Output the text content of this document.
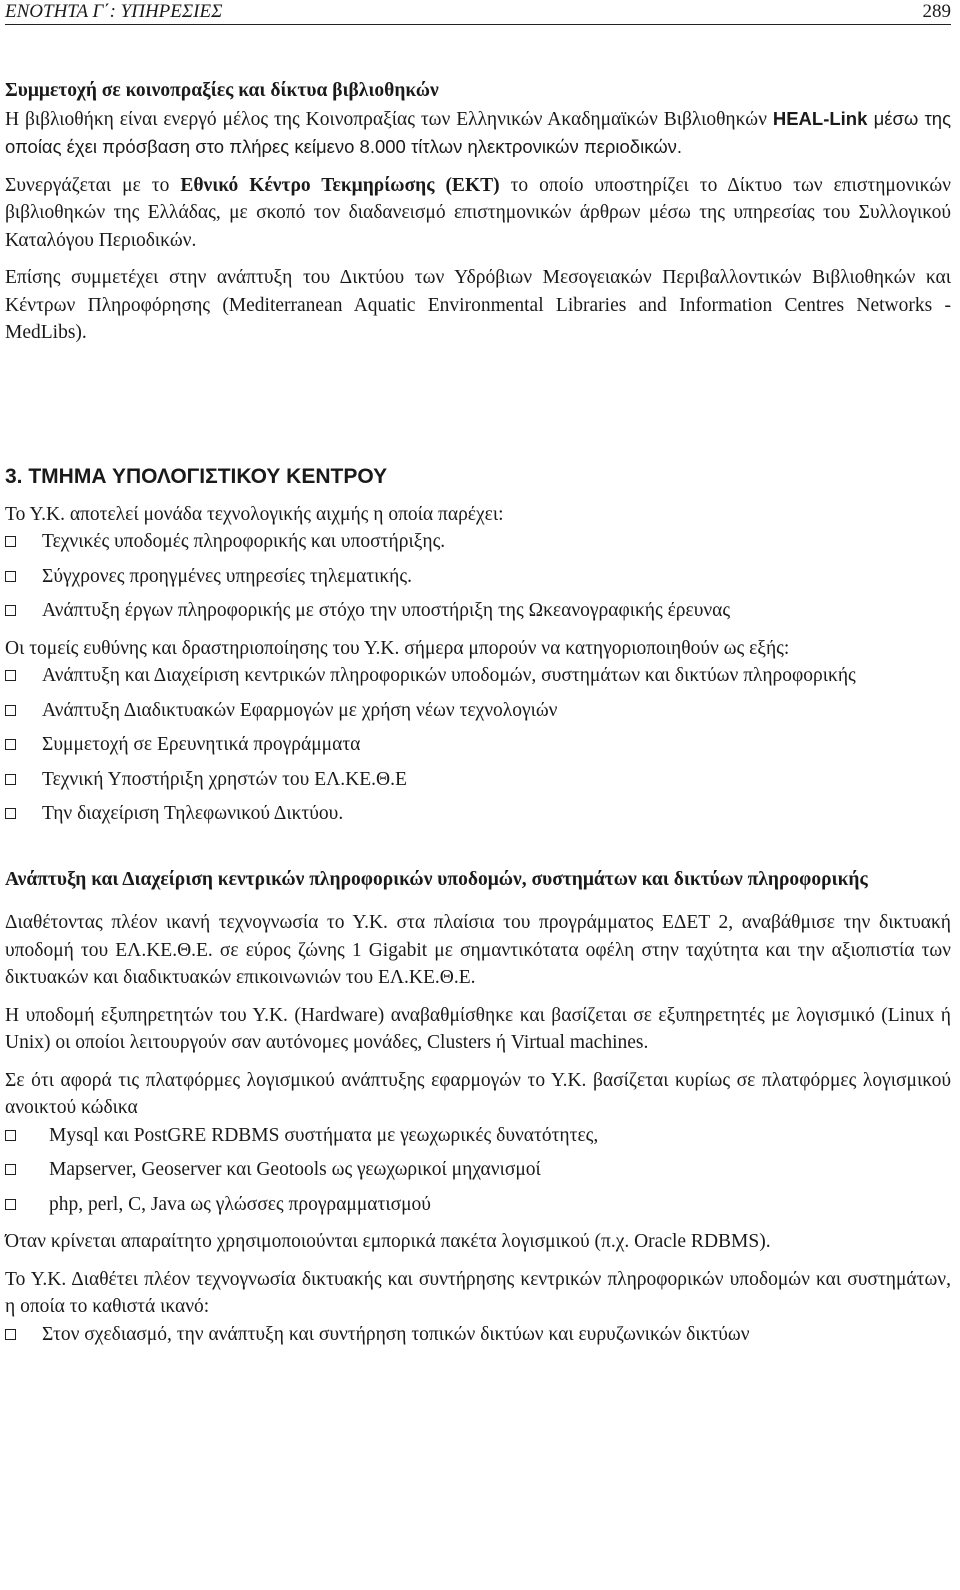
ΕΝΟΤΗΤΑ Γ΄: ΥΠΗΡΕΣΙΕΣ	289
Συμμετοχή σε κοινοπραξίες και δίκτυα βιβλιοθηκών

Η βιβλιοθήκη είναι ενεργό μέλος της Κοινοπραξίας των Ελληνικών Ακαδημαϊκών Βιβλιοθηκών HEAL-Link μέσω της οποίας έχει πρόσβαση στο πλήρες κείμενο 8.000 τίτλων ηλεκτρονικών περιοδικών.

Συνεργάζεται με το Εθνικό Κέντρο Τεκμηρίωσης (ΕΚΤ) το οποίο υποστηρίζει το Δίκτυο των επιστημονικών βιβλιοθηκών της Ελλάδας, με σκοπό τον διαδανεισμό επιστημονικών άρθρων μέσω της υπηρεσίας του Συλλογικού Καταλόγου Περιοδικών.

Επίσης συμμετέχει στην ανάπτυξη του Δικτύου των Υδρόβιων Μεσογειακών Περιβαλλοντικών Βιβλιοθηκών και Κέντρων Πληροφόρησης (Mediterranean Aquatic Environmental Libraries and Information Centres Networks - MedLibs).

3. ΤΜΗΜΑ ΥΠΟΛΟΓΙΣΤΙΚΟΥ ΚΕΝΤΡΟΥ

Το Υ.Κ. αποτελεί μονάδα τεχνολογικής αιχμής η οποία παρέχει:

Τεχνικές υποδομές πληροφορικής και υποστήριξης.
Σύγχρονες προηγμένες υπηρεσίες τηλεματικής.
Ανάπτυξη έργων πληροφορικής με στόχο την υποστήριξη της Ωκεανογραφικής έρευνας

Οι τομείς ευθύνης και δραστηριοποίησης του Υ.Κ. σήμερα μπορούν να κατηγοριοποιηθούν ως εξής:

Ανάπτυξη και Διαχείριση κεντρικών πληροφορικών υποδομών, συστημάτων και δικτύων πληροφορικής
Ανάπτυξη Διαδικτυακών Εφαρμογών με χρήση νέων τεχνολογιών
Συμμετοχή σε Ερευνητικά προγράμματα
Τεχνική Υποστήριξη χρηστών του ΕΛ.ΚΕ.Θ.Ε
Την διαχείριση Τηλεφωνικού Δικτύου.

Ανάπτυξη και Διαχείριση κεντρικών πληροφορικών υποδομών, συστημάτων και δικτύων πληροφορικής

Διαθέτοντας πλέον ικανή τεχνογνωσία το Υ.Κ. στα πλαίσια του προγράμματος ΕΔΕΤ 2, αναβάθμισε την δικτυακή υποδομή του ΕΛ.ΚΕ.Θ.Ε. σε εύρος ζώνης 1 Gigabit με σημαντικότατα οφέλη στην ταχύτητα και την αξιοπιστία των δικτυακών και διαδικτυακών επικοινωνιών του ΕΛ.ΚΕ.Θ.Ε.

Η υποδομή εξυπηρετητών του Υ.Κ. (Hardware) αναβαθμίσθηκε και βασίζεται σε εξυπηρετητές με λογισμικό (Linux ή Unix) οι οποίοι λειτουργούν σαν αυτόνομες μονάδες, Clusters ή Virtual machines.

Σε ότι αφορά τις πλατφόρμες λογισμικού ανάπτυξης εφαρμογών το Υ.Κ. βασίζεται κυρίως σε πλατφόρμες λογισμικού ανοικτού κώδικα

Mysql και PostGRE RDBMS συστήματα με γεωχωρικές δυνατότητες,
Mapserver, Geoserver και Geotools ως γεωχωρικοί μηχανισμοί
php, perl, C, Java ως γλώσσες προγραμματισμού

Όταν κρίνεται απαραίτητο χρησιμοποιούνται εμπορικά πακέτα λογισμικού (π.χ. Oracle RDBMS).

Το Υ.Κ. Διαθέτει πλέον τεχνογνωσία δικτυακής και συντήρησης κεντρικών πληροφορικών υποδομών και συστημάτων, η οποία το καθιστά ικανό:

Στον σχεδιασμό, την ανάπτυξη και συντήρηση τοπικών δικτύων και ευρυζωνικών δικτύων
